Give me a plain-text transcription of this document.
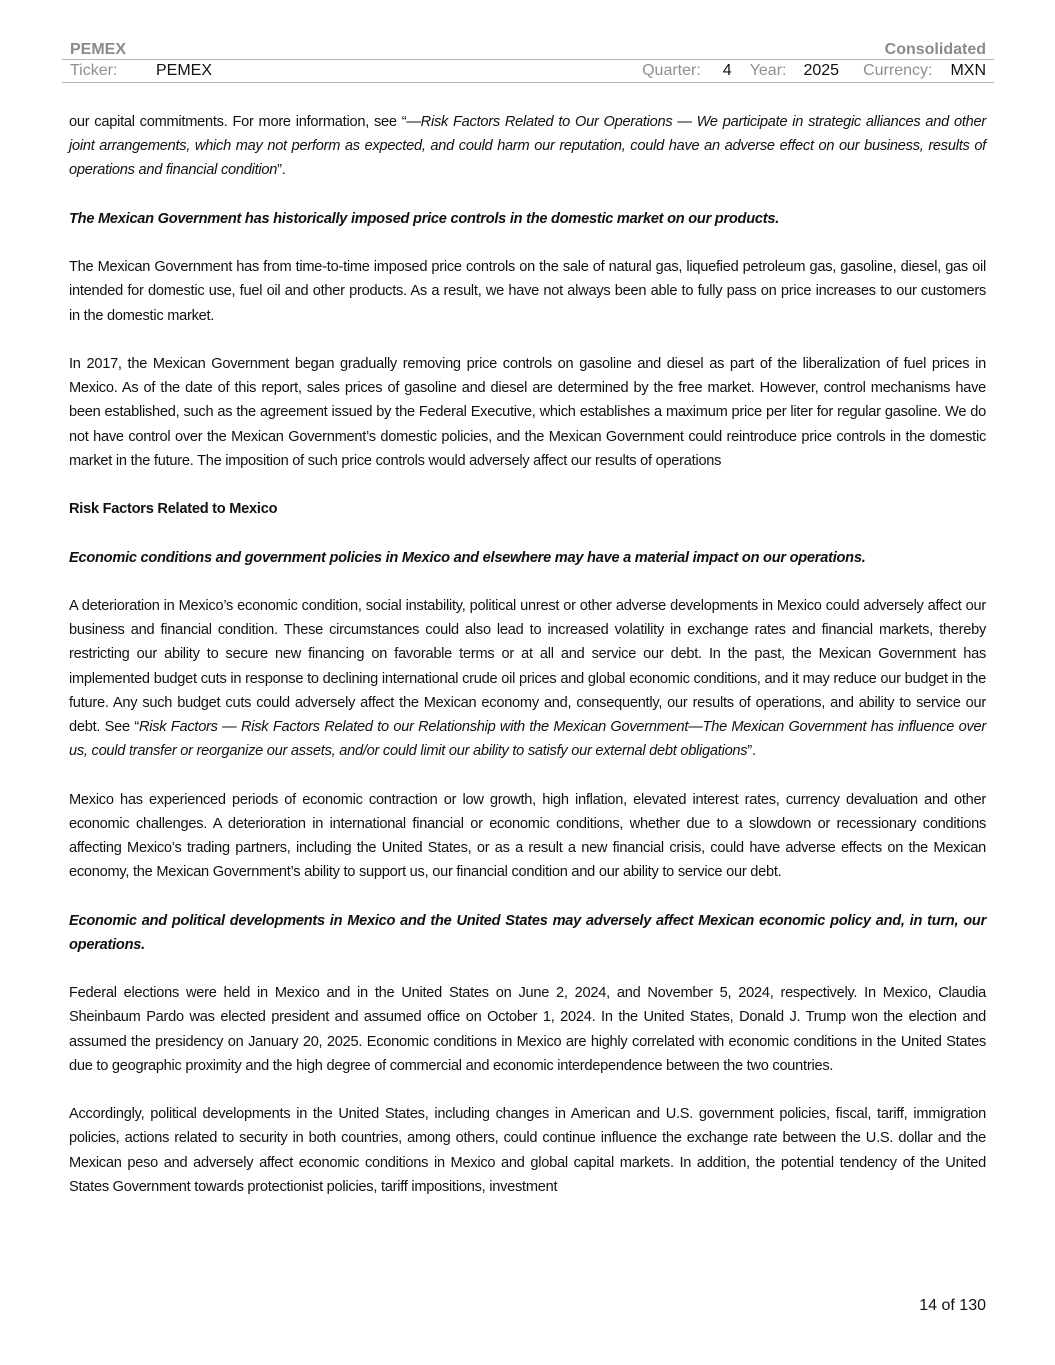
PEMEX	Consolidated
Ticker:	PEMEX	Quarter: 4 Year: 2025 Currency: MXN

our capital commitments. For more information, see “—Risk Factors Related to Our Operations — We participate in strategic alliances and other joint arrangements, which may not perform as expected, and could harm our reputation, could have an adverse effect on our business, results of operations and financial condition”.

The Mexican Government has historically imposed price controls in the domestic market on our products.

The Mexican Government has from time-to-time imposed price controls on the sale of natural gas, liquefied petroleum gas, gasoline, diesel, gas oil intended for domestic use, fuel oil and other products. As a result, we have not always been able to fully pass on price increases to our customers in the domestic market.

In 2017, the Mexican Government began gradually removing price controls on gasoline and diesel as part of the liberalization of fuel prices in Mexico. As of the date of this report, sales prices of gasoline and diesel are determined by the free market. However, control mechanisms have been established, such as the agreement issued by the Federal Executive, which establishes a maximum price per liter for regular gasoline. We do not have control over the Mexican Government’s domestic policies, and the Mexican Government could reintroduce price controls in the domestic market in the future. The imposition of such price controls would adversely affect our results of operations

Risk Factors Related to Mexico

Economic conditions and government policies in Mexico and elsewhere may have a material impact on our operations.

A deterioration in Mexico’s economic condition, social instability, political unrest or other adverse developments in Mexico could adversely affect our business and financial condition. These circumstances could also lead to increased volatility in exchange rates and financial markets, thereby restricting our ability to secure new financing on favorable terms or at all and service our debt. In the past, the Mexican Government has implemented budget cuts in response to declining international crude oil prices and global economic conditions, and it may reduce our budget in the future. Any such budget cuts could adversely affect the Mexican economy and, consequently, our results of operations, and ability to service our debt. See “Risk Factors — Risk Factors Related to our Relationship with the Mexican Government—The Mexican Government has influence over us, could transfer or reorganize our assets, and/or could limit our ability to satisfy our external debt obligations”.

Mexico has experienced periods of economic contraction or low growth, high inflation, elevated interest rates, currency devaluation and other economic challenges. A deterioration in international financial or economic conditions, whether due to a slowdown or recessionary conditions affecting Mexico’s trading partners, including the United States, or as a result a new financial crisis, could have adverse effects on the Mexican economy, the Mexican Government’s ability to support us, our financial condition and our ability to service our debt.

Economic and political developments in Mexico and the United States may adversely affect Mexican economic policy and, in turn, our operations.

Federal elections were held in Mexico and in the United States on June 2, 2024, and November 5, 2024, respectively. In Mexico, Claudia Sheinbaum Pardo was elected president and assumed office on October 1, 2024. In the United States, Donald J. Trump won the election and assumed the presidency on January 20, 2025. Economic conditions in Mexico are highly correlated with economic conditions in the United States due to geographic proximity and the high degree of commercial and economic interdependence between the two countries.

Accordingly, political developments in the United States, including changes in American and U.S. government policies, fiscal, tariff, immigration policies, actions related to security in both countries, among others, could continue influence the exchange rate between the U.S. dollar and the Mexican peso and adversely affect economic conditions in Mexico and global capital markets. In addition, the potential tendency of the United States Government towards protectionist policies, tariff impositions, investment

14 of 130
